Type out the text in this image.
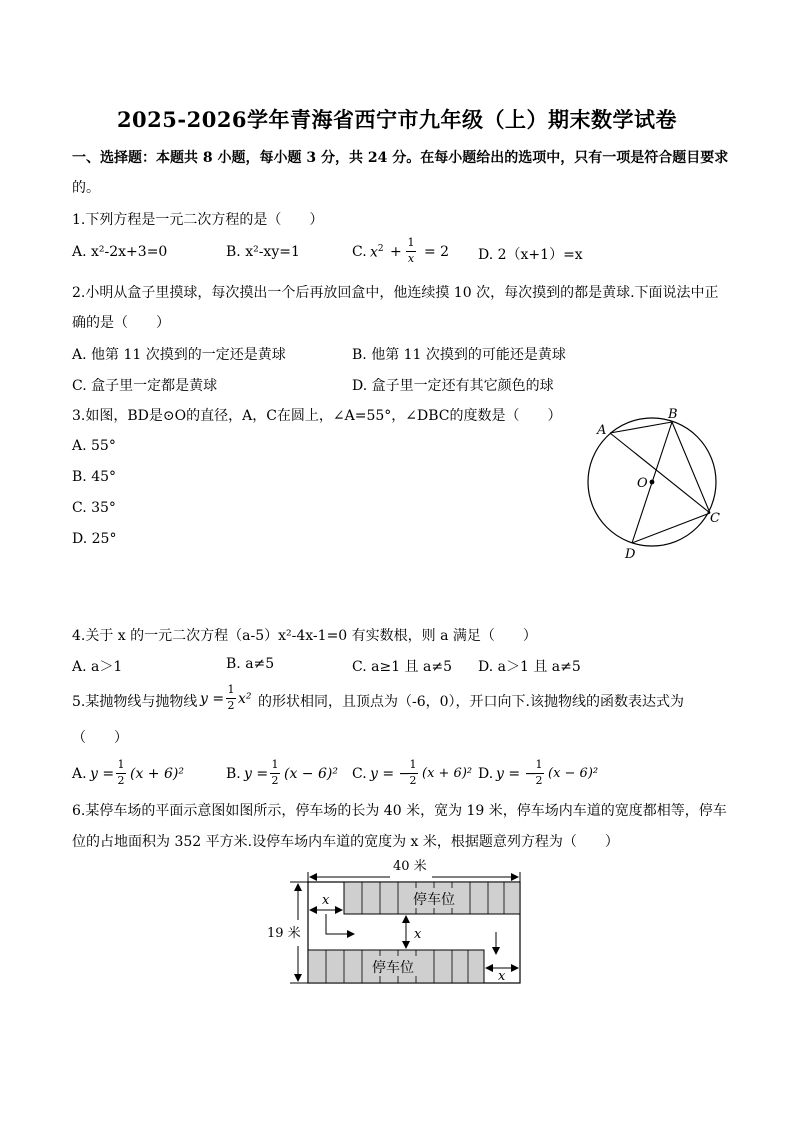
2025-2026学年青海省西宁市九年级（上）期末数学试卷
一、选择题：本题共 8 小题，每小题 3 分，共 24 分。在每小题给出的选项中，只有一项是符合题目要求
的。
1.下列方程是一元二次方程的是（　　）
A. x²-2x+3=0	B. x²-xy=1	C. $x^2$ +
1
x = 2 D. 2（x+1）=x
2.小明从盒子里摸球，每次摸出一个后再放回盒中，他连续摸 10 次，每次摸到的都是黄球.下面说法中正
确的是（　　）
A. 他第 11 次摸到的一定还是黄球	B. 他第 11 次摸到的可能还是黄球
C. 盒子里一定都是黄球	D. 盒子里一定还有其它颜色的球
3.如图，BD是⊙O的直径，A，C在圆上，∠A=55°，∠DBC的度数是（　　）
A. 55°
B. 45°
C. 35°
D. 25°
A
B
C
D
O
4.关于 x 的一元二次方程（a-5）x²-4x-1=0 有实数根，则 a 满足（　　）
A. a＞1	B. a≠5	C. a≥1 且 a≠5 D. a＞1 且 a≠5
5.某抛物线与抛物线 y =
1
2 x² 的形状相同，且顶点为（-6，0），开口向下.该抛物线的函数表达式为
（　　）
A. y =
1
2 (x + 6)²	B. y =
1
2 (x − 6)² C. y = −
1
2 (x + 6)² D. y = −
1
2 (x − 6)²
6.某停车场的平面示意图如图所示，停车场的长为 40 米，宽为 19 米，停车场内车道的宽度都相等，停车
位的占地面积为 352 平方米.设停车场内车道的宽度为 x 米，根据题意列方程为（　　）
40 米
19 米
停车位
停车位
x
x
x
